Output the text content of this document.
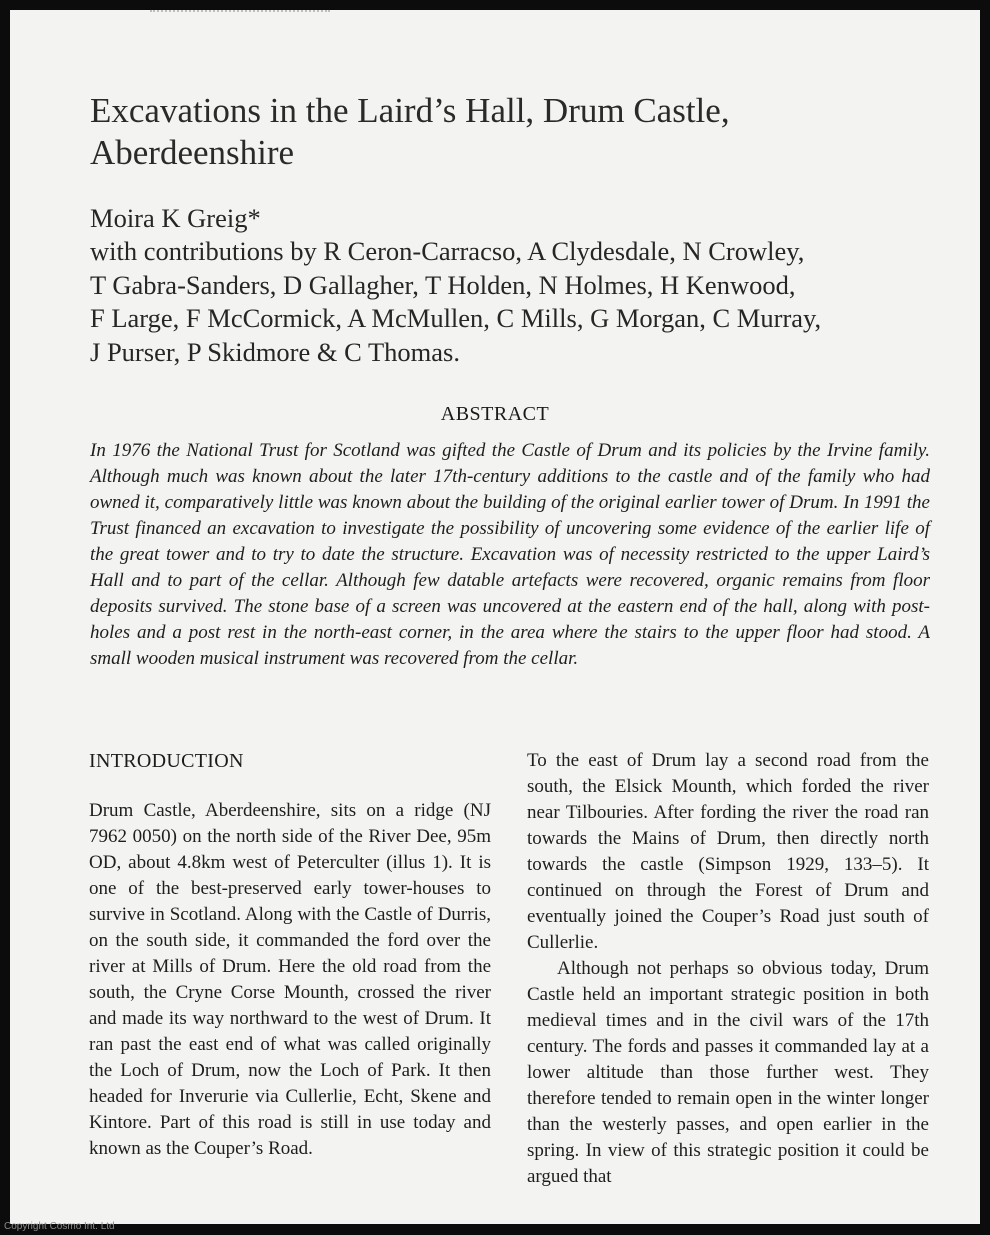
Excavations in the Laird’s Hall, Drum Castle, Aberdeenshire
Moira K Greig*
with contributions by R Ceron-Carracso, A Clydesdale, N Crowley,
T Gabra-Sanders, D Gallagher, T Holden, N Holmes, H Kenwood,
F Large, F McCormick, A McMullen, C Mills, G Morgan, C Murray,
J Purser, P Skidmore & C Thomas.
ABSTRACT
In 1976 the National Trust for Scotland was gifted the Castle of Drum and its policies by the Irvine family. Although much was known about the later 17th-century additions to the castle and of the family who had owned it, comparatively little was known about the building of the original earlier tower of Drum. In 1991 the Trust financed an excavation to investigate the possibility of uncovering some evidence of the earlier life of the great tower and to try to date the structure. Excavation was of necessity restricted to the upper Laird’s Hall and to part of the cellar. Although few datable artefacts were recovered, organic remains from floor deposits survived. The stone base of a screen was uncovered at the eastern end of the hall, along with post-holes and a post rest in the north-east corner, in the area where the stairs to the upper floor had stood. A small wooden musical instrument was recovered from the cellar.
INTRODUCTION

Drum Castle, Aberdeenshire, sits on a ridge (NJ 7962 0050) on the north side of the River Dee, 95m OD, about 4.8km west of Peterculter (illus 1). It is one of the best-preserved early tower-houses to survive in Scotland. Along with the Castle of Durris, on the south side, it commanded the ford over the river at Mills of Drum. Here the old road from the south, the Cryne Corse Mounth, crossed the river and made its way northward to the west of Drum. It ran past the east end of what was called originally the Loch of Drum, now the Loch of Park. It then headed for Inverurie via Cullerlie, Echt, Skene and Kintore. Part of this road is still in use today and known as the Couper’s Road.

To the east of Drum lay a second road from the south, the Elsick Mounth, which forded the river near Tilbouries. After fording the river the road ran towards the Mains of Drum, then directly north towards the castle (Simpson 1929, 133–5). It continued on through the Forest of Drum and eventually joined the Couper’s Road just south of Cullerlie.

Although not perhaps so obvious today, Drum Castle held an important strategic position in both medieval times and in the civil wars of the 17th century. The fords and passes it commanded lay at a lower altitude than those further west. They therefore tended to remain open in the winter longer than the westerly passes, and open earlier in the spring. In view of this strategic position it could be argued that

Copyright Cosmo Int. Ltd
